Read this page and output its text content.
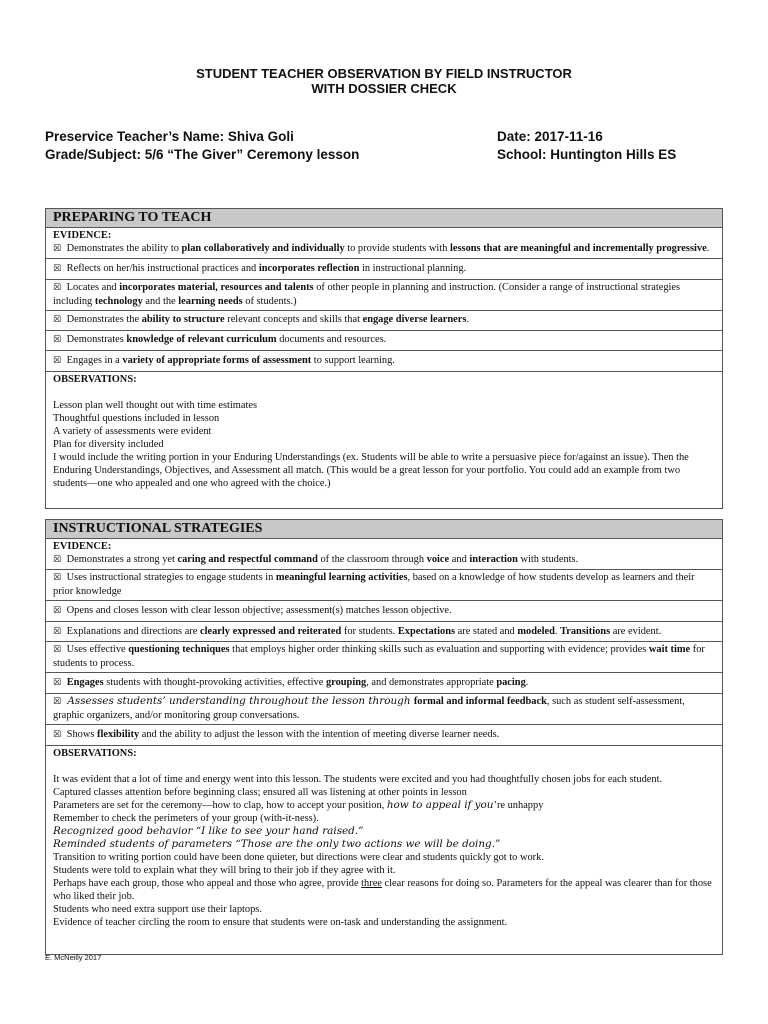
STUDENT TEACHER OBSERVATION BY FIELD INSTRUCTOR
WITH DOSSIER CHECK
Preservice Teacher’s Name: Shiva Goli
Grade/Subject: 5/6 “The Giver” Ceremony lesson
Date: 2017-11-16
School: Huntington Hills ES
PREPARING TO TEACH
EVIDENCE:
☒ Demonstrates the ability to plan collaboratively and individually to provide students with lessons that are meaningful and incrementally progressive.
☒ Reflects on her/his instructional practices and incorporates reflection in instructional planning.
☒ Locates and incorporates material, resources and talents of other people in planning and instruction. (Consider a range of instructional strategies including technology and the learning needs of students.)
☒ Demonstrates the ability to structure relevant concepts and skills that engage diverse learners.
☒ Demonstrates knowledge of relevant curriculum documents and resources.
☒ Engages in a variety of appropriate forms of assessment to support learning.
OBSERVATIONS:
Lesson plan well thought out with time estimates
Thoughtful questions included in lesson
A variety of assessments were evident
Plan for diversity included
I would include the writing portion in your Enduring Understandings (ex. Students will be able to write a persuasive piece for/against an issue). Then the Enduring Understandings, Objectives, and Assessment all match. (This would be a great lesson for your portfolio. You could add an example from two students—one who appealed and one who agreed with the choice.)
INSTRUCTIONAL STRATEGIES
EVIDENCE:
☒ Demonstrates a strong yet caring and respectful command of the classroom through voice and interaction with students.
☒ Uses instructional strategies to engage students in meaningful learning activities, based on a knowledge of how students develop as learners and their prior knowledge
☒ Opens and closes lesson with clear lesson objective; assessment(s) matches lesson objective.
☒ Explanations and directions are clearly expressed and reiterated for students. Expectations are stated and modeled. Transitions are evident.
☒ Uses effective questioning techniques that employs higher order thinking skills such as evaluation and supporting with evidence; provides wait time for students to process.
☒ Engages students with thought-provoking activities, effective grouping, and demonstrates appropriate pacing.
☒ Assesses students’ understanding throughout the lesson through formal and informal feedback, such as student self-assessment, graphic organizers, and/or monitoring group conversations.
☒ Shows flexibility and the ability to adjust the lesson with the intention of meeting diverse learner needs.
OBSERVATIONS:
It was evident that a lot of time and energy went into this lesson. The students were excited and you had thoughtfully chosen jobs for each student.
Captured classes attention before beginning class; ensured all was listening at other points in lesson
Parameters are set for the ceremony—how to clap, how to accept your position, how to appeal if you’re unhappy
Remember to check the perimeters of your group (with-it-ness).
Recognized good behavior “I like to see your hand raised.”
Reminded students of parameters “Those are the only two actions we will be doing.”
Transition to writing portion could have been done quieter, but directions were clear and students quickly got to work.
Students were told to explain what they will bring to their job if they agree with it.
Perhaps have each group, those who appeal and those who agree, provide three clear reasons for doing so. Parameters for the appeal was clearer than for those who liked their job.
Students who need extra support use their laptops.
Evidence of teacher circling the room to ensure that students were on-task and understanding the assignment.
E. McNeilly 2017
